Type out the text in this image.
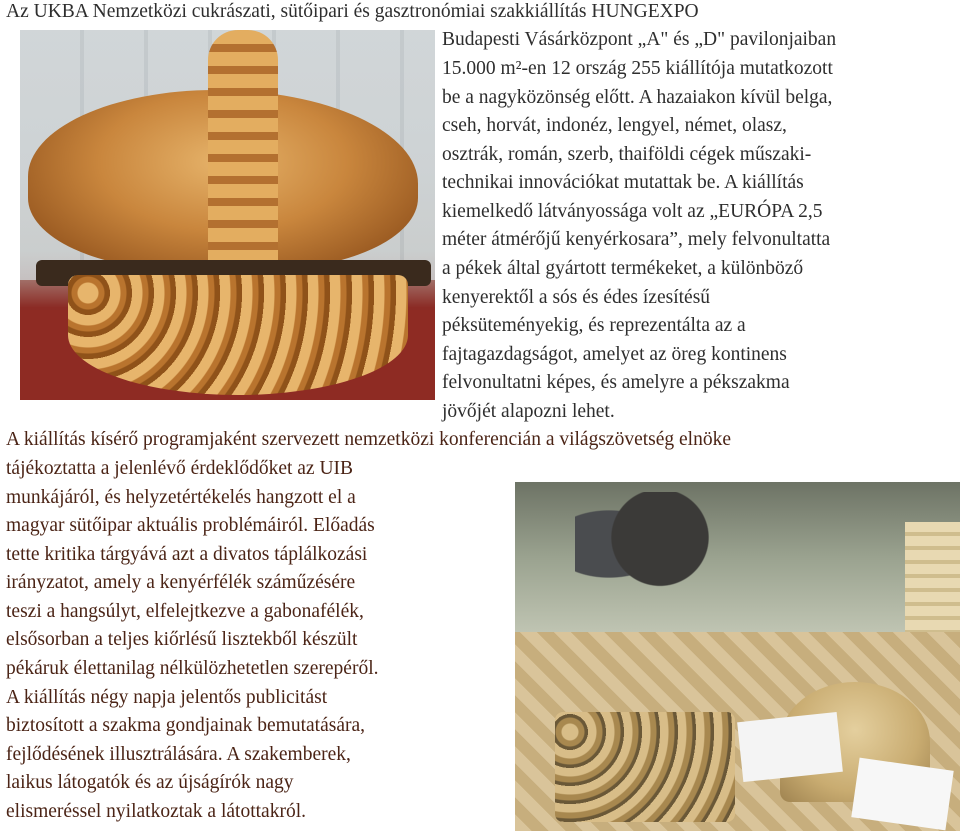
Az UKBA Nemzetközi cukrászati, sütőipari és gasztronómiai szakkiállítás HUNGEXPO
Budapesti Vásárközpont „A" és „D" pavilonjaiban
15.000 m²-en 12 ország 255 kiállítója mutatkozott
be a nagyközönség előtt. A hazaiakon kívül belga,
cseh, horvát, indonéz, lengyel, német, olasz,
osztrák, román, szerb, thaiföldi cégek műszaki-
technikai innovációkat mutattak be. A kiállítás
kiemelkedő látványossága volt az „EURÓPA 2,5
méter átmérőjű kenyérkosara”, mely felvonultatta
a pékek által gyártott termékeket, a különböző
kenyerektől a sós és édes ízesítésű
péksüteményekig, és reprezentálta az a
fajtagazdagságot, amelyet az öreg kontinens
felvonultatni képes, és amelyre a pékszakma
jövőjét alapozni lehet.
A kiállítás kísérő programjaként szervezett nemzetközi konferencián a világszövetség elnöke
tájékoztatta a jelenlévő érdeklődőket az UIB
munkájáról, és helyzetértékelés hangzott el a
magyar sütőipar aktuális problémáiról. Előadás
tette kritika tárgyává azt a divatos táplálkozási
irányzatot, amely a kenyérfélék száműzésére
teszi a hangsúlyt, elfelejtkezve a gabonafélék,
elsősorban a teljes kiőrlésű lisztekből készült
pékáruk élettanilag nélkülözhetetlen szerepéről.
A kiállítás négy napja jelentős publicitást
biztosított a szakma gondjainak bemutatására,
fejlődésének illusztrálására. A szakemberek,
laikus látogatók és az újságírók nagy
elismeréssel nyilatkoztak a látottakról.
